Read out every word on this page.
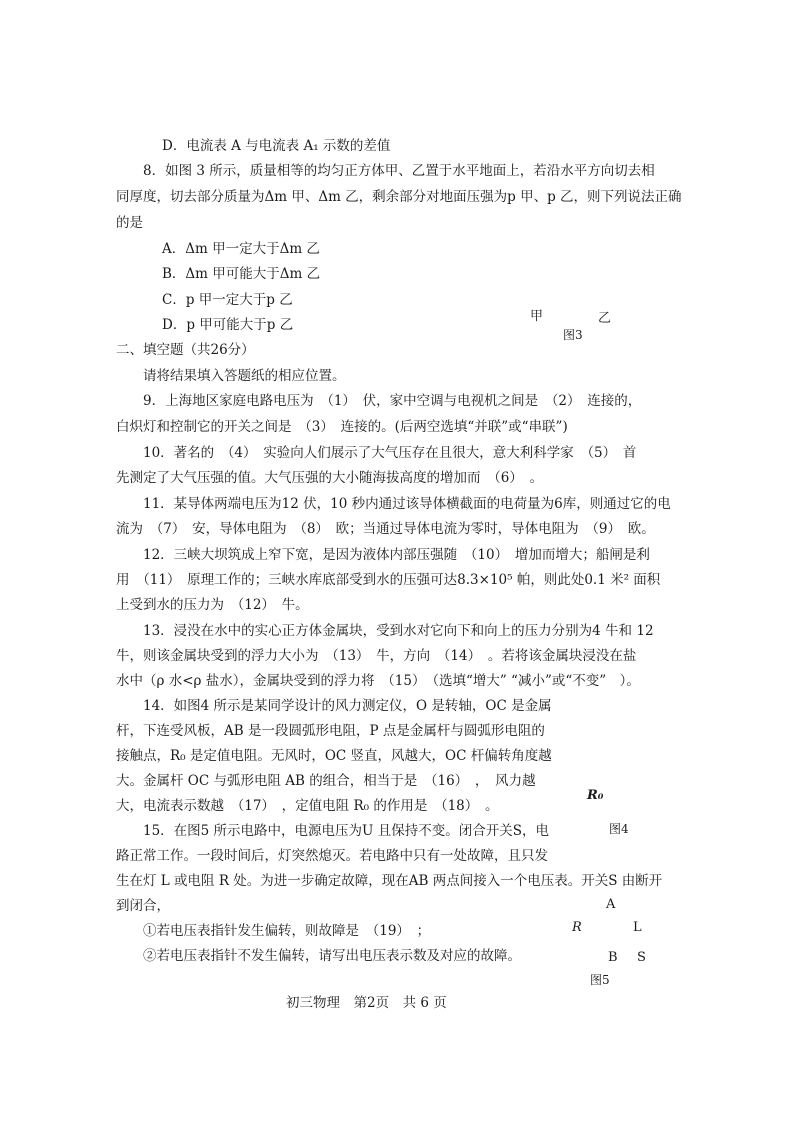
D．电流表 A 与电流表 A₁ 示数的差值
8．如图 3 所示，质量相等的均匀正方体甲、乙置于水平地面上，若沿水平方向切去相
同厚度，切去部分质量为Δm 甲、Δm 乙，剩余部分对地面压强为p 甲、p 乙，则下列说法正确
的是
A．Δm 甲一定大于Δm 乙
B．Δm 甲可能大于Δm 乙
C．p 甲一定大于p 乙
D．p 甲可能大于p 乙
甲	乙
图3
二、填空题（共26分）
请将结果填入答题纸的相应位置。
9．上海地区家庭电路电压为　（1）　伏，家中空调与电视机之间是　（2）　连接的，
白炽灯和控制它的开关之间是　（3）　连接的。(后两空选填“并联”或“串联”)
10．著名的　（4）　实验向人们展示了大气压存在且很大，意大利科学家　（5）　首
先测定了大气压强的值。大气压强的大小随海拔高度的增加而　（6）　。
11．某导体两端电压为12 伏，10 秒内通过该导体横截面的电荷量为6库，则通过它的电
流为　（7）　安，导体电阻为　（8）　欧；当通过导体电流为零时，导体电阻为　（9）　欧。
12．三峡大坝筑成上窄下宽，是因为液体内部压强随　（10）　增加而增大；船闸是利
用　（11）　原理工作的；三峡水库底部受到水的压强可达8.3×10⁵ 帕，则此处0.1 米² 面积
上受到水的压力为　（12）　牛。
13．浸没在水中的实心正方体金属块，受到水对它向下和向上的压力分别为4 牛和 12
牛，则该金属块受到的浮力大小为　（13）　牛，方向　（14）　。若将该金属块浸没在盐
水中（ρ 水<ρ 盐水），金属块受到的浮力将　（15）　（选填“增大” “减小”或“不变”　）。
14．如图4 所示是某同学设计的风力测定仪，O 是转轴，OC 是金属
杆，下连受风板，AB 是一段圆弧形电阻，P 点是金属杆与圆弧形电阻的
接触点，R₀ 是定值电阻。无风时，OC 竖直，风越大，OC 杆偏转角度越
大。金属杆 OC 与弧形电阻 AB 的组合，相当于是　（16）　，　风力越
大，电流表示数越　（17）　，定值电阻 R₀ 的作用是　（18）　。
R₀
图4
15．在图5 所示电路中，电源电压为U 且保持不变。闭合开关S，电
路正常工作。一段时间后，灯突然熄灭。若电路中只有一处故障，且只发
生在灯 L 或电阻 R 处。为进一步确定故障，现在AB 两点间接入一个电压表。开关S 由断开
到闭合，
①若电压表指针发生偏转，则故障是　（19）　；
②若电压表指针不发生偏转，请写出电压表示数及对应的故障。
A
R	L
B S
图5
初三物理　第2页　共 6 页
